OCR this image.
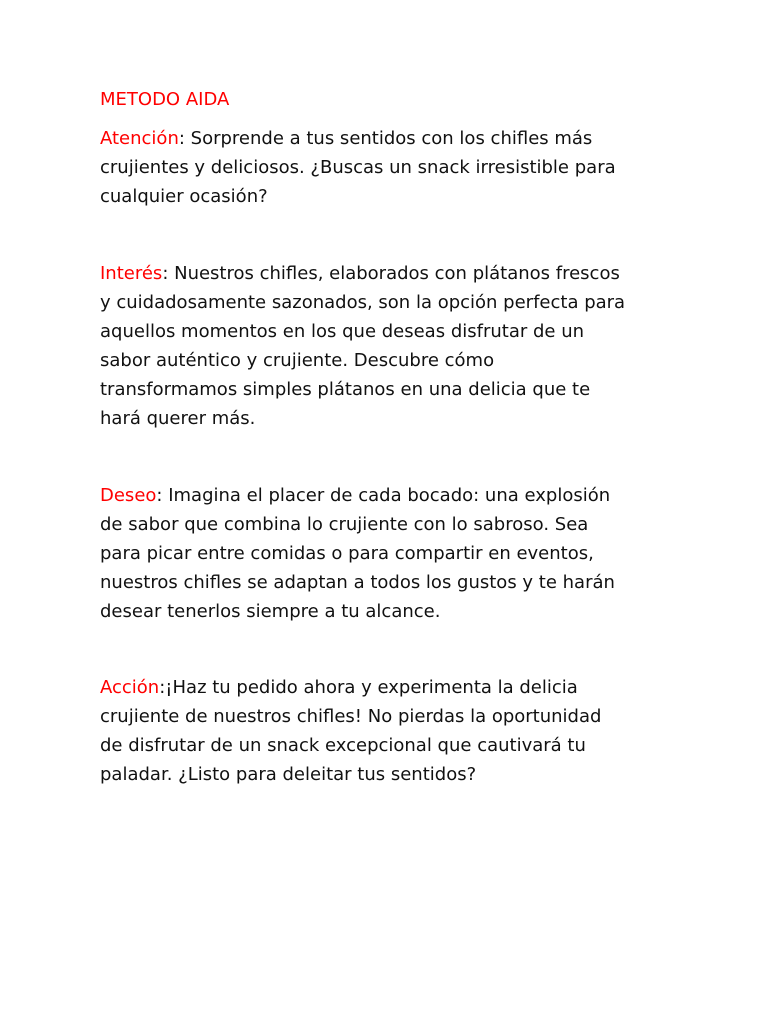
METODO AIDA
Atención: Sorprende a tus sentidos con los chifles más
crujientes y deliciosos. ¿Buscas un snack irresistible para
cualquier ocasión?
Interés: Nuestros chifles, elaborados con plátanos frescos
y cuidadosamente sazonados, son la opción perfecta para
aquellos momentos en los que deseas disfrutar de un
sabor auténtico y crujiente. Descubre cómo
transformamos simples plátanos en una delicia que te
hará querer más.
Deseo: Imagina el placer de cada bocado: una explosión
de sabor que combina lo crujiente con lo sabroso. Sea
para picar entre comidas o para compartir en eventos,
nuestros chifles se adaptan a todos los gustos y te harán
desear tenerlos siempre a tu alcance.
Acción:¡Haz tu pedido ahora y experimenta la delicia
crujiente de nuestros chifles! No pierdas la oportunidad
de disfrutar de un snack excepcional que cautivará tu
paladar. ¿Listo para deleitar tus sentidos?
